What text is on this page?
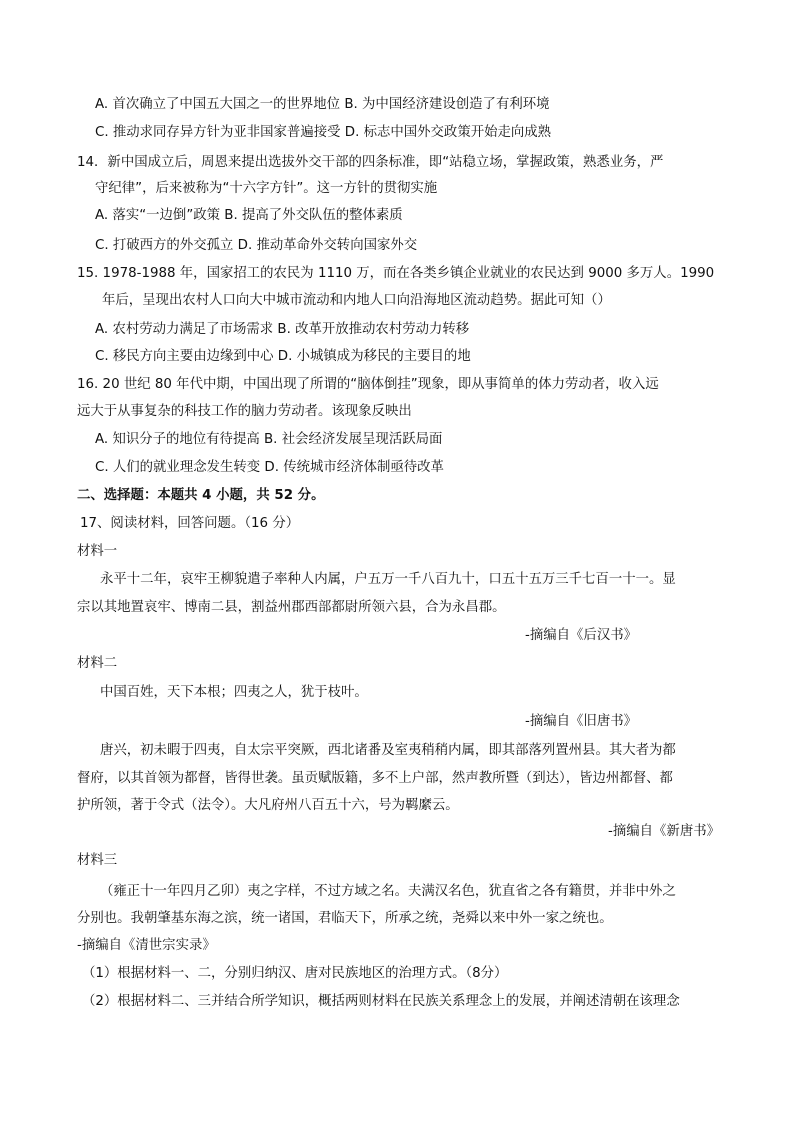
A. 首次确立了中国五大国之一的世界地位 B. 为中国经济建设创造了有利环境
C. 推动求同存异方针为亚非国家普遍接受 D. 标志中国外交政策开始走向成熟
14．新中国成立后，周恩来提出选拔外交干部的四条标准，即“站稳立场，掌握政策，熟悉业务，严
守纪律”，后来被称为“十六字方针”。这一方针的贯彻实施
A. 落实“一边倒”政策 B. 提高了外交队伍的整体素质
C. 打破西方的外交孤立 D. 推动革命外交转向国家外交
15. 1978-1988 年，国家招工的农民为 1110 万，而在各类乡镇企业就业的农民达到 9000 多万人。1990
年后，呈现出农村人口向大中城市流动和内地人口向沿海地区流动趋势。据此可知（）
A. 农村劳动力满足了市场需求 B. 改革开放推动农村劳动力转移
C. 移民方向主要由边缘到中心 D. 小城镇成为移民的主要目的地
16. 20 世纪 80 年代中期，中国出现了所谓的“脑体倒挂”现象，即从事简单的体力劳动者，收入远
远大于从事复杂的科技工作的脑力劳动者。该现象反映出
A. 知识分子的地位有待提高 B. 社会经济发展呈现活跃局面
C. 人们的就业理念发生转变 D. 传统城市经济体制亟待改革
二、选择题：本题共 4 小题，共 52 分。
17、阅读材料，回答问题。（16 分）
材料一
永平十二年，哀牢王柳貌遣子率种人内属，户五万一千八百九十，口五十五万三千七百一十一。显
宗以其地置哀牢、博南二县，割益州郡西部都尉所领六县，合为永昌郡。
-摘编自《后汉书》
材料二
中国百姓，天下本根；四夷之人，犹于枝叶。
-摘编自《旧唐书》
唐兴，初未暇于四夷，自太宗平突厥，西北诸番及室夷稍稍内属，即其部落列置州县。其大者为都
督府，以其首领为都督，皆得世袭。虽贡赋版籍，多不上户部，然声教所暨（到达），皆边州都督、都
护所领，著于令式（法令）。大凡府州八百五十六，号为羁縻云。
-摘编自《新唐书》
材料三
（雍正十一年四月乙卯）夷之字样，不过方域之名。夫满汉名色，犹直省之各有籍贯，并非中外之
分别也。我朝肇基东海之滨，统一诸国，君临天下，所承之统，尧舜以来中外一家之统也。
-摘编自《清世宗实录》
（1）根据材料一、二，分别归纳汉、唐对民族地区的治理方式。（8分）
（2）根据材料二、三并结合所学知识，概括两则材料在民族关系理念上的发展，并阐述清朝在该理念
